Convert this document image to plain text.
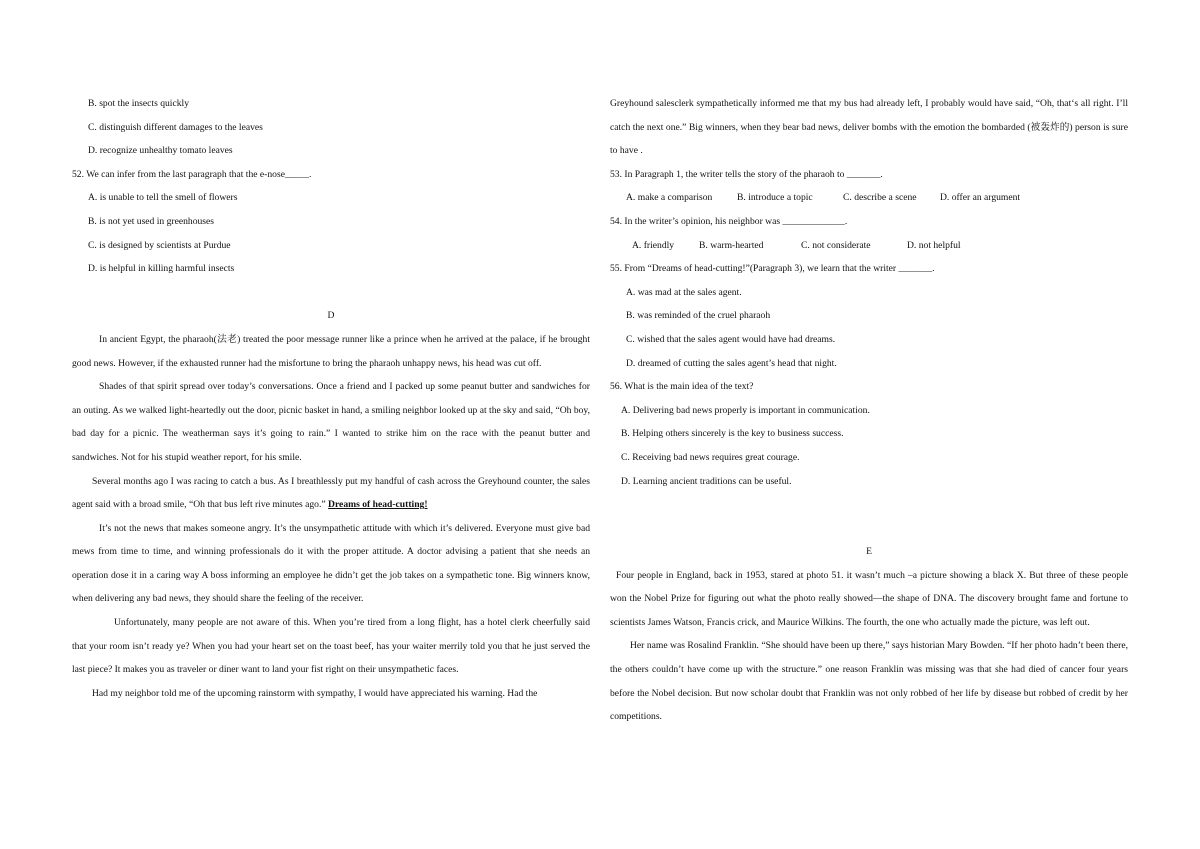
B. spot the insects quickly
C. distinguish different damages to the leaves
D. recognize unhealthy tomato leaves
52. We can infer from the last paragraph that the e-nose_____.
A. is unable to tell the smell of flowers
B. is not yet used in greenhouses
C. is designed by scientists at Purdue
D. is helpful in killing harmful insects
D

In ancient Egypt, the pharaoh(法老) treated the poor message runner like a prince when he arrived at the palace, if he brought good news. However, if the exhausted runner had the misfortune to bring the pharaoh unhappy news, his head was cut off.

Shades of that spirit spread over today’s conversations. Once a friend and I packed up some peanut butter and sandwiches for an outing. As we walked light-heartedly out the door, picnic basket in hand, a smiling neighbor looked up at the sky and said, “Oh boy, bad day for a picnic. The weatherman says it’s going to rain.” I wanted to strike him on the race with the peanut butter and sandwiches. Not for his stupid weather report, for his smile.

Several months ago I was racing to catch a bus. As I breathlessly put my handful of cash across the Greyhound counter, the sales agent said with a broad smile, “Oh that bus left rive minutes ago.” Dreams of head-cutting!

It’s not the news that makes someone angry. It’s the unsympathetic attitude with which it’s delivered. Everyone must give bad mews from time to time, and winning professionals do it with the proper attitude. A doctor advising a patient that she needs an operation dose it in a caring way A boss informing an employee he didn’t get the job takes on a sympathetic tone. Big winners know, when delivering any bad news, they should share the feeling of the receiver.

Unfortunately, many people are not aware of this. When you’re tired from a long flight, has a hotel clerk cheerfully said that your room isn’t ready ye? When you had your heart set on the toast beef, has your waiter merrily told you that he just served the last piece? It makes you as traveler or diner want to land your fist right on their unsympathetic faces.

Had my neighbor told me of the upcoming rainstorm with sympathy, I would have appreciated his warning. Had the

Greyhound salesclerk sympathetically informed me that my bus had already left, I probably would have said, “Oh, that‘s all right. I’ll catch the next one.” Big winners, when they bear bad news, deliver bombs with the emotion the bombarded (被轰炸的) person is sure to have .

53. In Paragraph 1, the writer tells the story of the pharaoh to _______.
A. make a comparison	B. introduce a topic	C. describe a scene D. offer an argument
54. In the writer’s opinion, his neighbor was _____________.
A. friendly	B. warm-hearted	C. not considerate	D. not helpful
55. From “Dreams of head-cutting!”(Paragraph 3), we learn that the writer _______.
A. was mad at the sales agent.
B. was reminded of the cruel pharaoh
C. wished that the sales agent would have had dreams.
D. dreamed of cutting the sales agent’s head that night.
56. What is the main idea of the text?
A. Delivering bad news properly is important in communication.
B. Helping others sincerely is the key to business success.
C. Receiving bad news requires great courage.
D. Learning ancient traditions can be useful.
E

Four people in England, back in 1953, stared at photo 51. it wasn’t much –a picture showing a black X. But three of these people won the Nobel Prize for figuring out what the photo really showed—the shape of DNA. The discovery brought fame and fortune to scientists James Watson, Francis crick, and Maurice Wilkins. The fourth, the one who actually made the picture, was left out.

Her name was Rosalind Franklin. “She should have been up there,” says historian Mary Bowden. “If her photo hadn’t been there, the others couldn’t have come up with the structure.” one reason Franklin was missing was that she had died of cancer four years before the Nobel decision. But now scholar doubt that Franklin was not only robbed of her life by disease but robbed of credit by her competitions.
